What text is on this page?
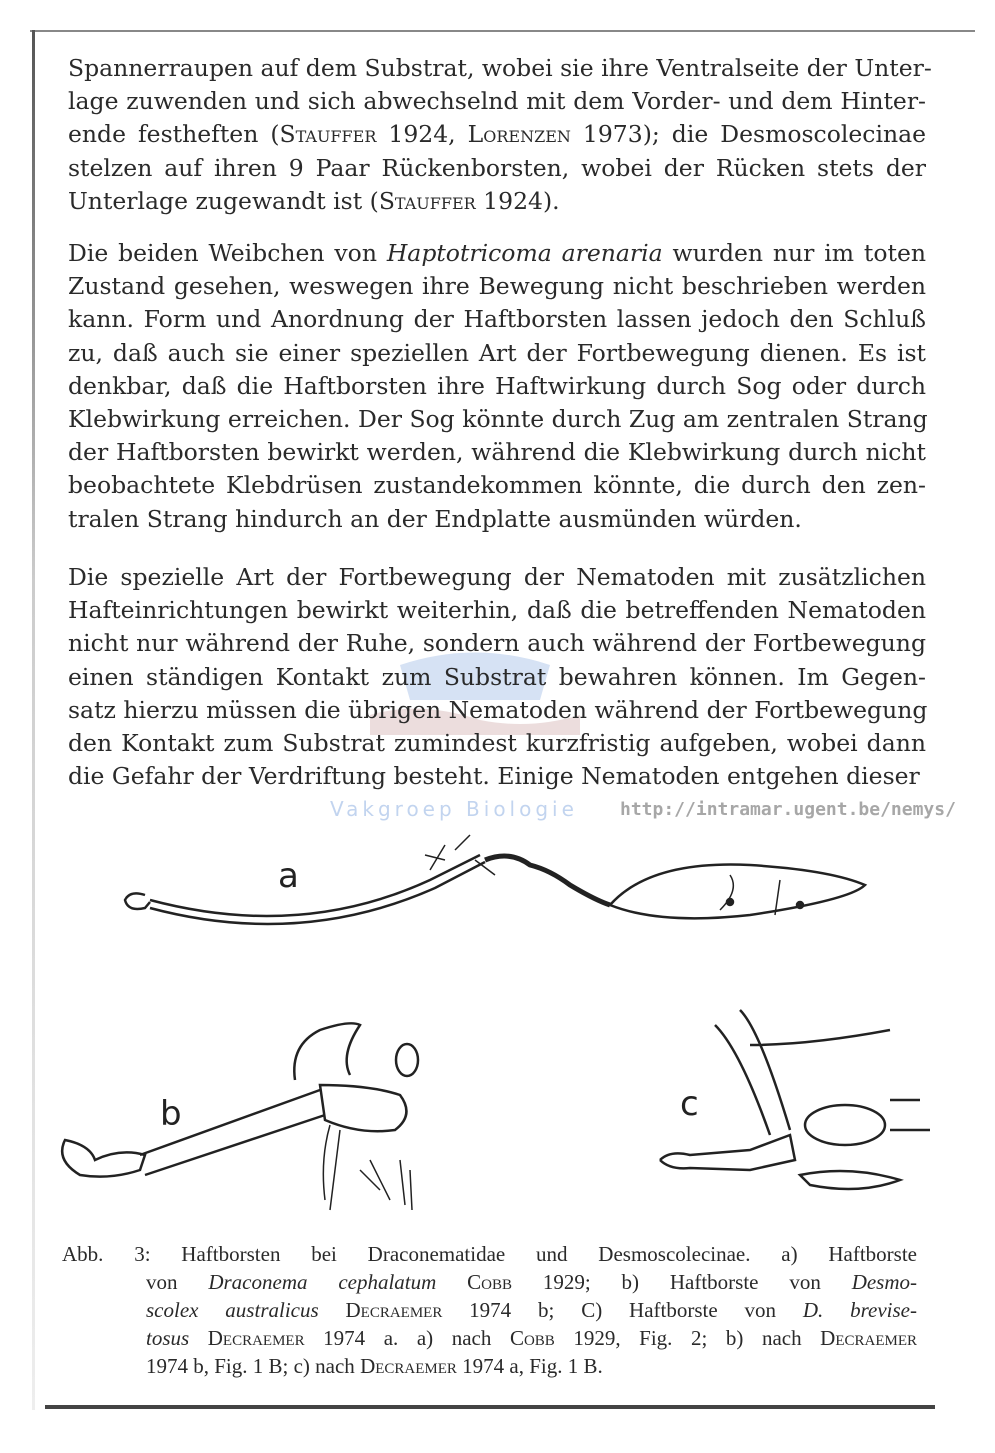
Spannerraupen auf dem Substrat, wobei sie ihre Ventralseite der Unter-
lage zuwenden und sich abwechselnd mit dem Vorder- und dem Hinter-
ende festheften (Stauffer 1924, Lorenzen 1973); die Desmoscolecinae
stelzen auf ihren 9 Paar Rückenborsten, wobei der Rücken stets der
Unterlage zugewandt ist (Stauffer 1924).
Die beiden Weibchen von Haptotricoma arenaria wurden nur im toten
Zustand gesehen, weswegen ihre Bewegung nicht beschrieben werden
kann. Form und Anordnung der Haftborsten lassen jedoch den Schluß
zu, daß auch sie einer speziellen Art der Fortbewegung dienen. Es ist
denkbar, daß die Haftborsten ihre Haftwirkung durch Sog oder durch
Klebwirkung erreichen. Der Sog könnte durch Zug am zentralen Strang
der Haftborsten bewirkt werden, während die Klebwirkung durch nicht
beobachtete Klebdrüsen zustandekommen könnte, die durch den zen-
tralen Strang hindurch an der Endplatte ausmünden würden.
Die spezielle Art der Fortbewegung der Nematoden mit zusätzlichen
Hafteinrichtungen bewirkt weiterhin, daß die betreffenden Nematoden
nicht nur während der Ruhe, sondern auch während der Fortbewegung
einen ständigen Kontakt zum Substrat bewahren können. Im Gegen-
satz hierzu müssen die übrigen Nematoden während der Fortbewegung
den Kontakt zum Substrat zumindest kurzfristig aufgeben, wobei dann
die Gefahr der Verdriftung besteht. Einige Nematoden entgehen dieser
Vakgroep Biologie http://intramar.ugent.be/nemys/
a
b	c
Abb. 3: Haftborsten bei Draconematidae und Desmoscolecinae. a) Haftborste
von Draconema cephalatum Cobb 1929; b) Haftborste von Desmo-
scolex australicus Decraemer 1974 b; C) Haftborste von D. brevise-
tosus Decraemer 1974 a. a) nach Cobb 1929, Fig. 2; b) nach Decraemer
1974 b, Fig. 1 B; c) nach Decraemer 1974 a, Fig. 1 B.
